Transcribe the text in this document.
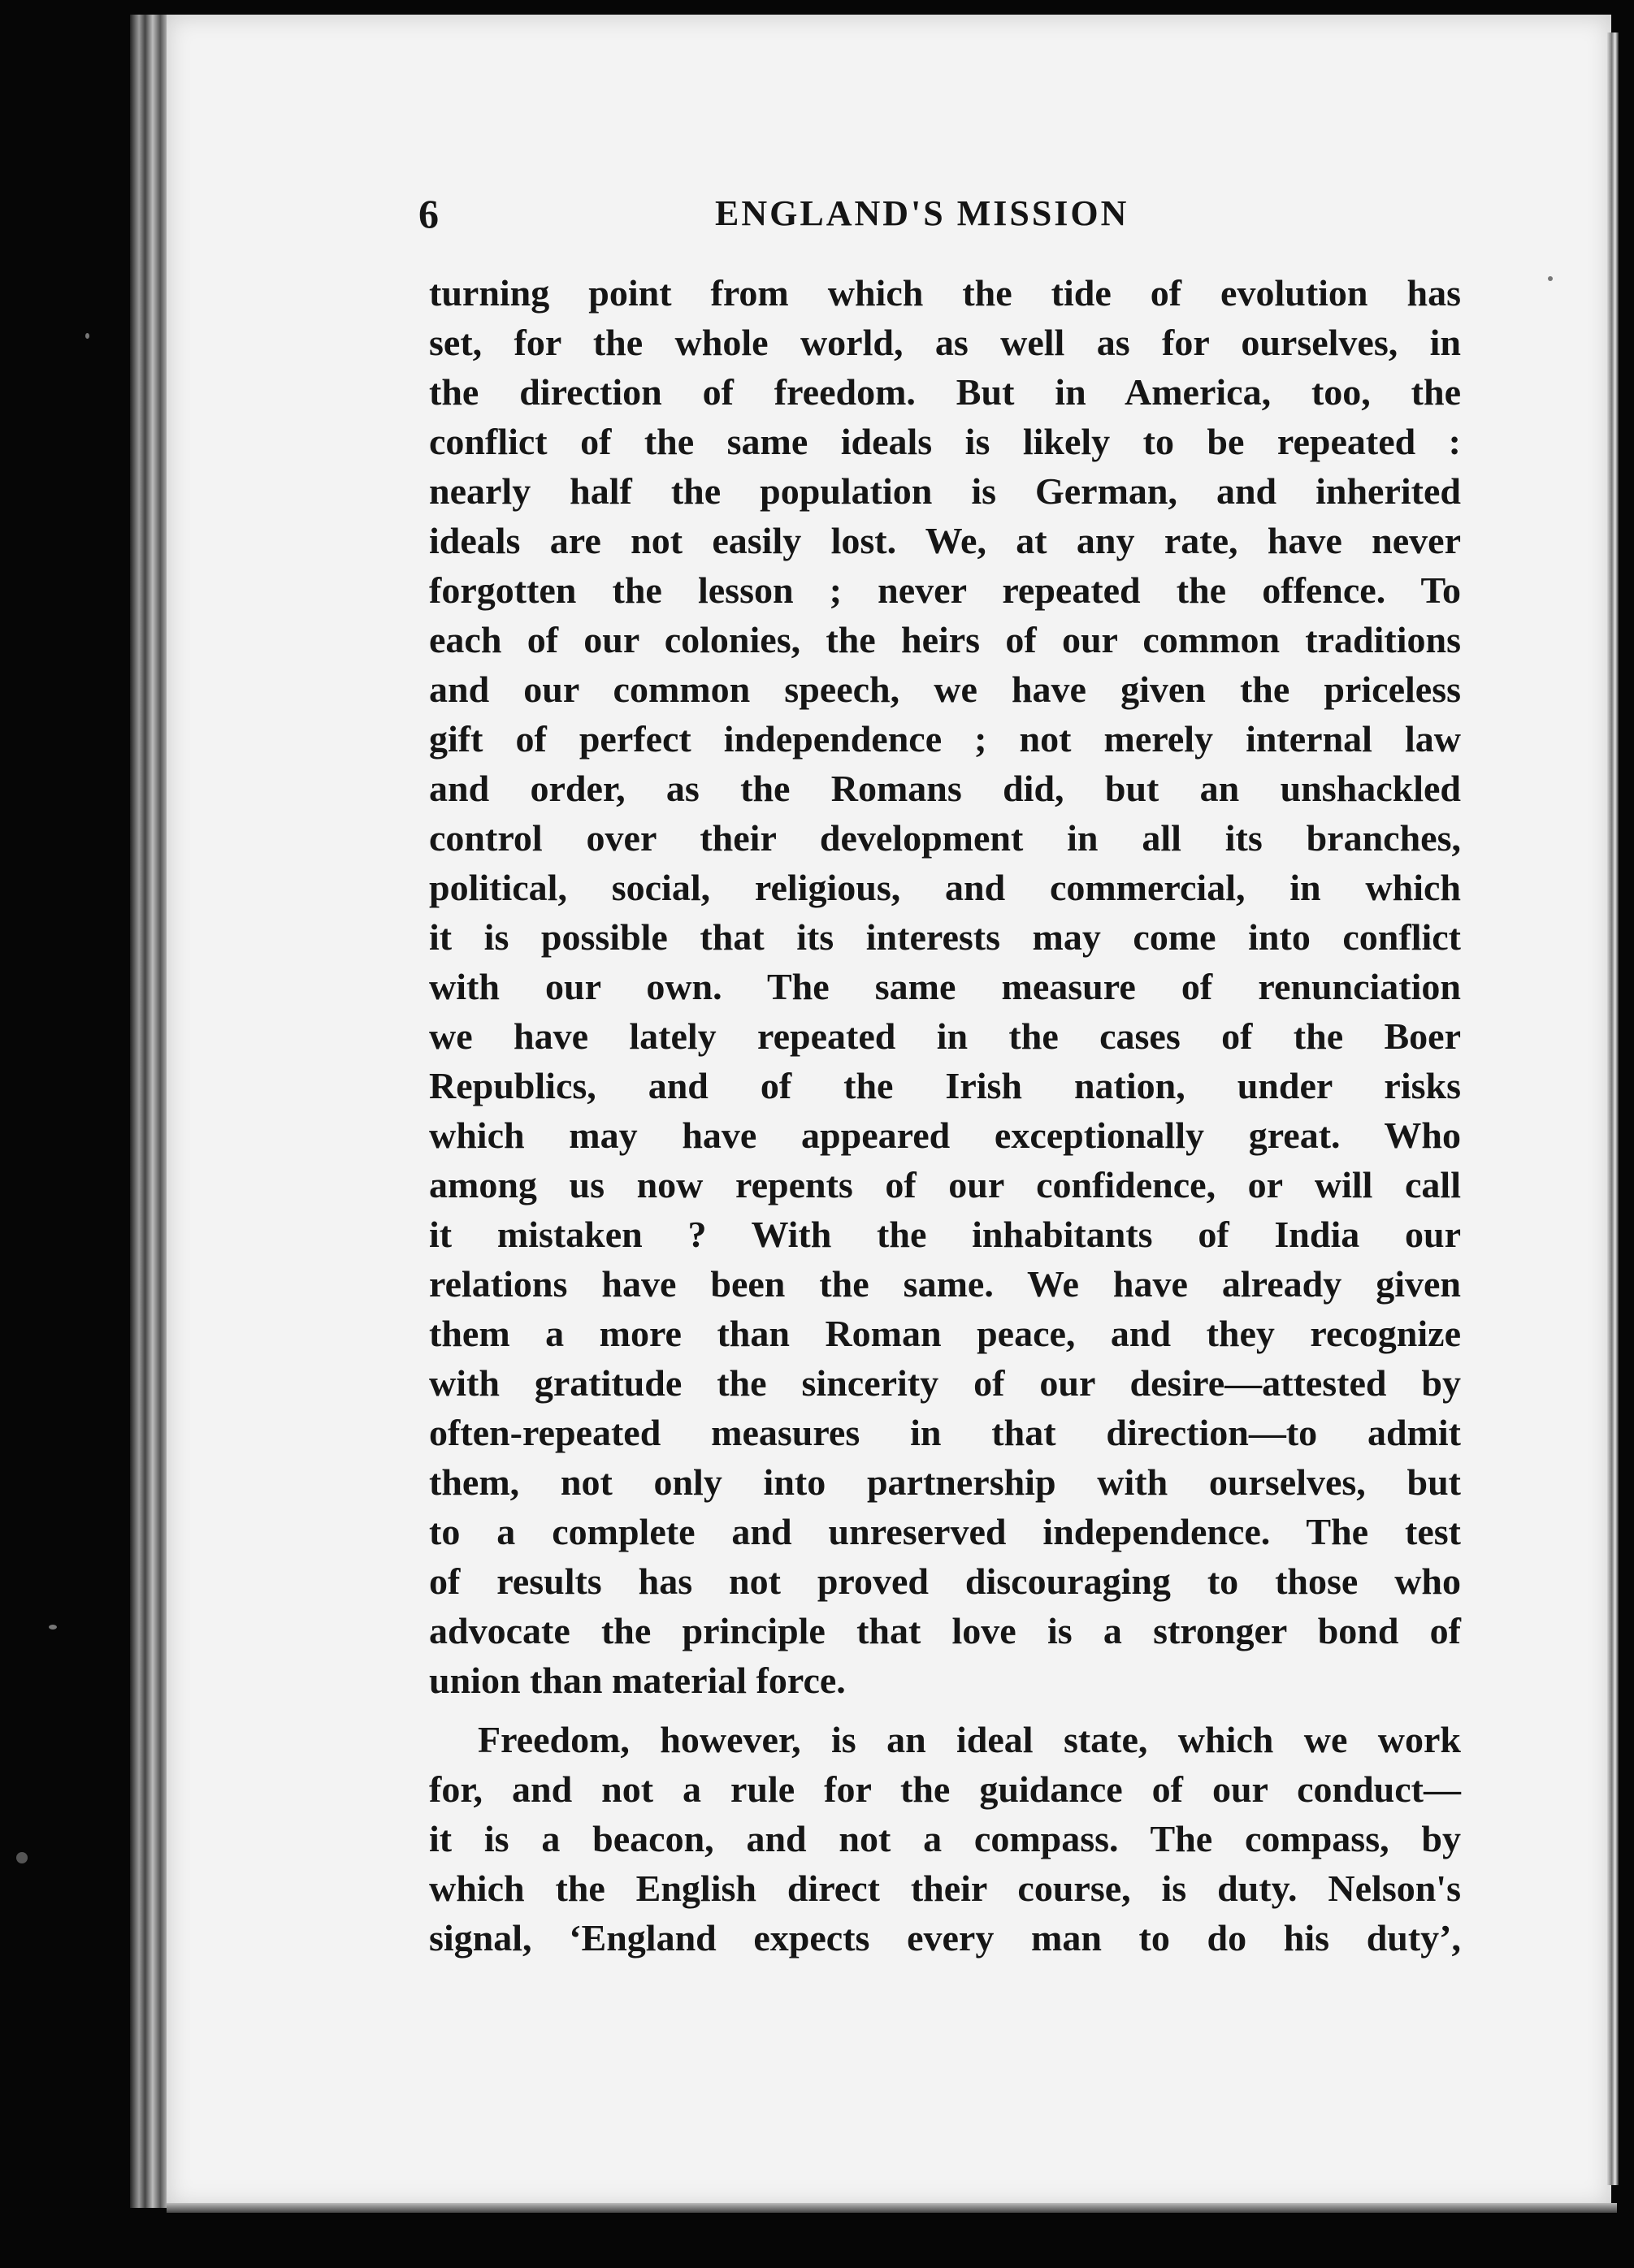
6	ENGLAND'S MISSION
turning point from which the tide of evolution has
set, for the whole world, as well as for ourselves, in
the direction of freedom. But in America, too, the
conflict of the same ideals is likely to be repeated :
nearly half the population is German, and inherited
ideals are not easily lost. We, at any rate, have never
forgotten the lesson ; never repeated the offence. To
each of our colonies, the heirs of our common traditions
and our common speech, we have given the priceless
gift of perfect independence ; not merely internal law
and order, as the Romans did, but an unshackled
control over their development in all its branches,
political, social, religious, and commercial, in which
it is possible that its interests may come into conflict
with our own. The same measure of renunciation
we have lately repeated in the cases of the Boer
Republics, and of the Irish nation, under risks
which may have appeared exceptionally great. Who
among us now repents of our confidence, or will call
it mistaken ? With the inhabitants of India our
relations have been the same. We have already given
them a more than Roman peace, and they recognize
with gratitude the sincerity of our desire—attested by
often-repeated measures in that direction—to admit
them, not only into partnership with ourselves, but
to a complete and unreserved independence. The test
of results has not proved discouraging to those who
advocate the principle that love is a stronger bond of
union than material force.
Freedom, however, is an ideal state, which we work
for, and not a rule for the guidance of our conduct—
it is a beacon, and not a compass. The compass, by
which the English direct their course, is duty. Nelson's
signal, ‘England expects every man to do his duty’,
